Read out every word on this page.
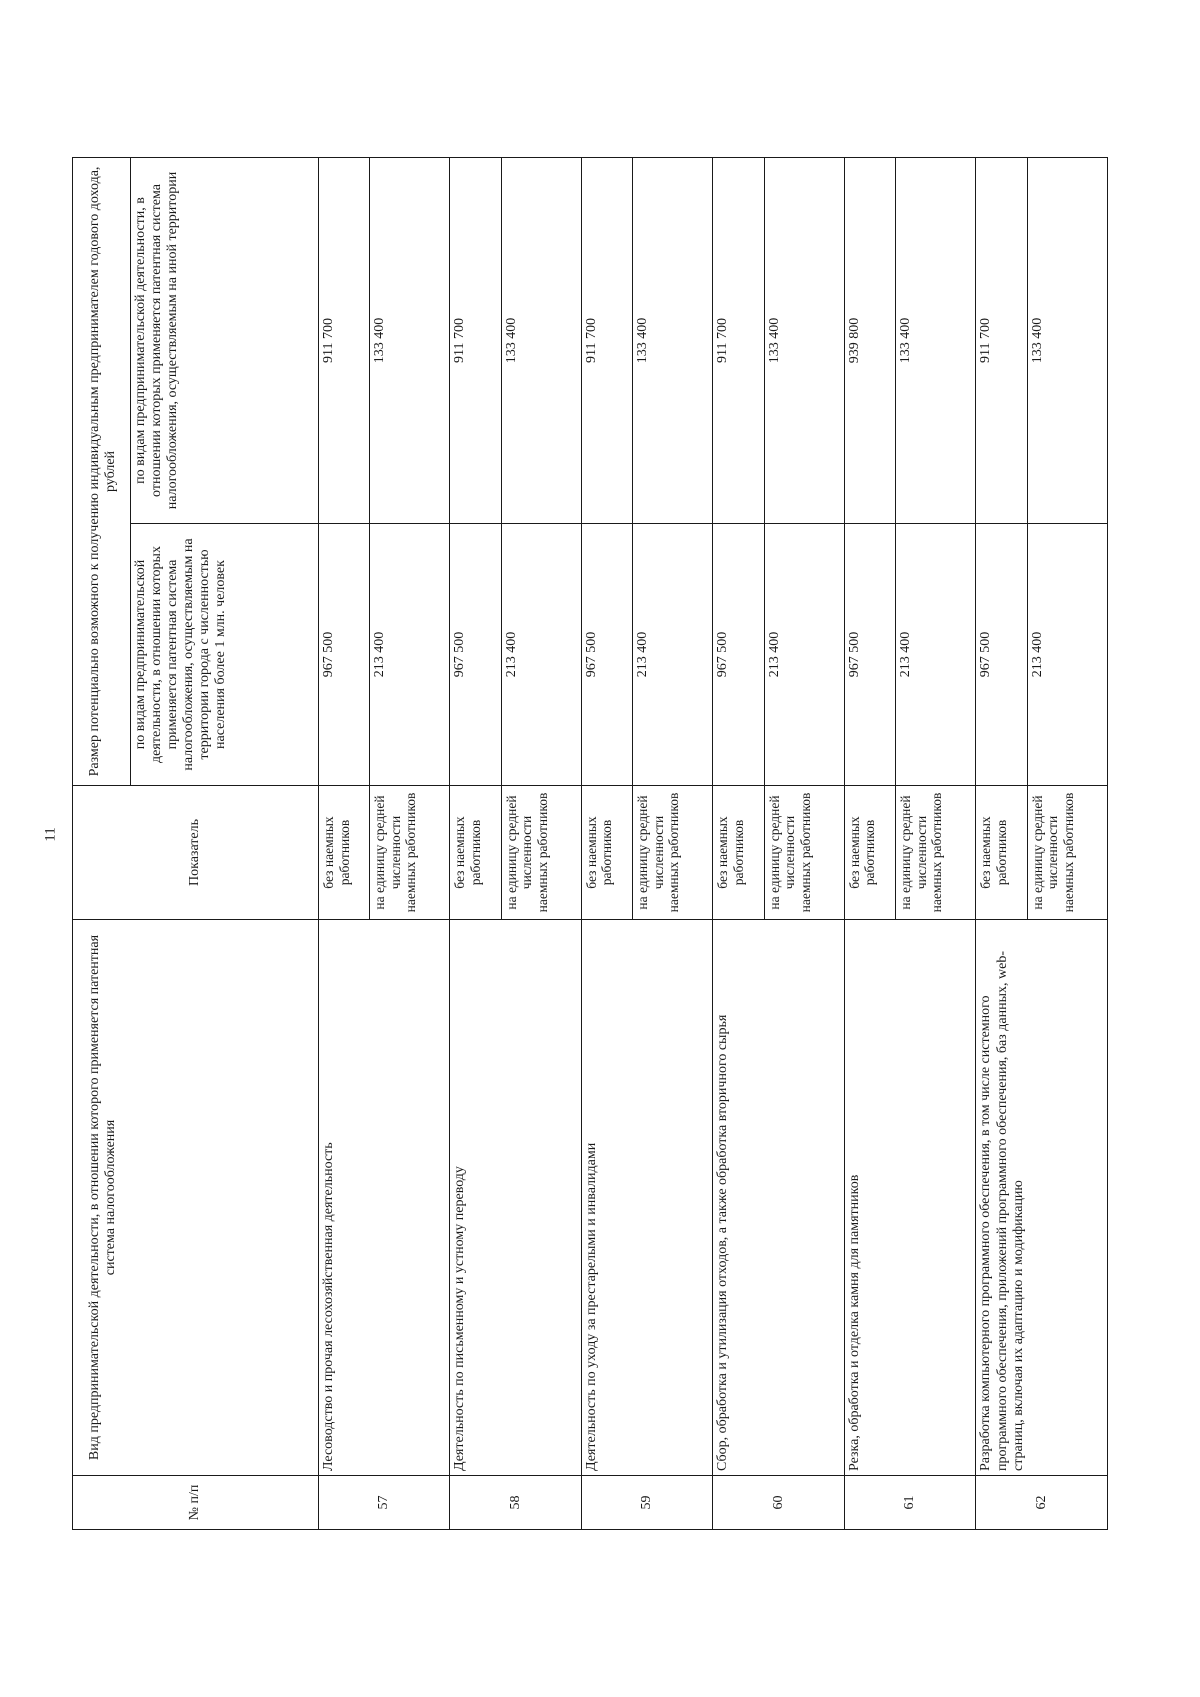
11
№ п/п	Вид предпринимательской деятельности, в отношении которого применяется патентная система налогообложения	Показатель	Размер потенциально возможного к получению индивидуальным предпринимателем годового дохода, рублей	
			по видам предпринимательской деятельности, в отношении которых применяется патентная система налогообложения, осуществляемым на территории города с численностью населения более 1 млн. человек	по видам предпринимательской деятельности, в отношении которых применяется патентная система налогообложения, осуществляемым на иной территории
57	Лесоводство и прочая лесохозяйственная деятельность	без наемных работников	967 500	911 700
		на единицу средней численности наемных работников	213 400	133 400
58	Деятельность по письменному и устному переводу	без наемных работников	967 500	911 700
		на единицу средней численности наемных работников	213 400	133 400
59	Деятельность по уходу за престарелыми и инвалидами	без наемных работников	967 500	911 700
		на единицу средней численности наемных работников	213 400	133 400
60	Сбор, обработка и утилизация отходов, а также обработка вторичного сырья	без наемных работников	967 500	911 700
		на единицу средней численности наемных работников	213 400	133 400
61	Резка, обработка и отделка камня для памятников	без наемных работников	967 500	939 800
		на единицу средней численности наемных работников	213 400	133 400
62	Разработка компьютерного программного обеспечения, в том числе системного программного обеспечения, приложений программного обеспечения, баз данных, web-страниц, включая их адаптацию и модификацию	без наемных работников	967 500	911 700
		на единицу средней численности наемных работников	213 400	133 400
